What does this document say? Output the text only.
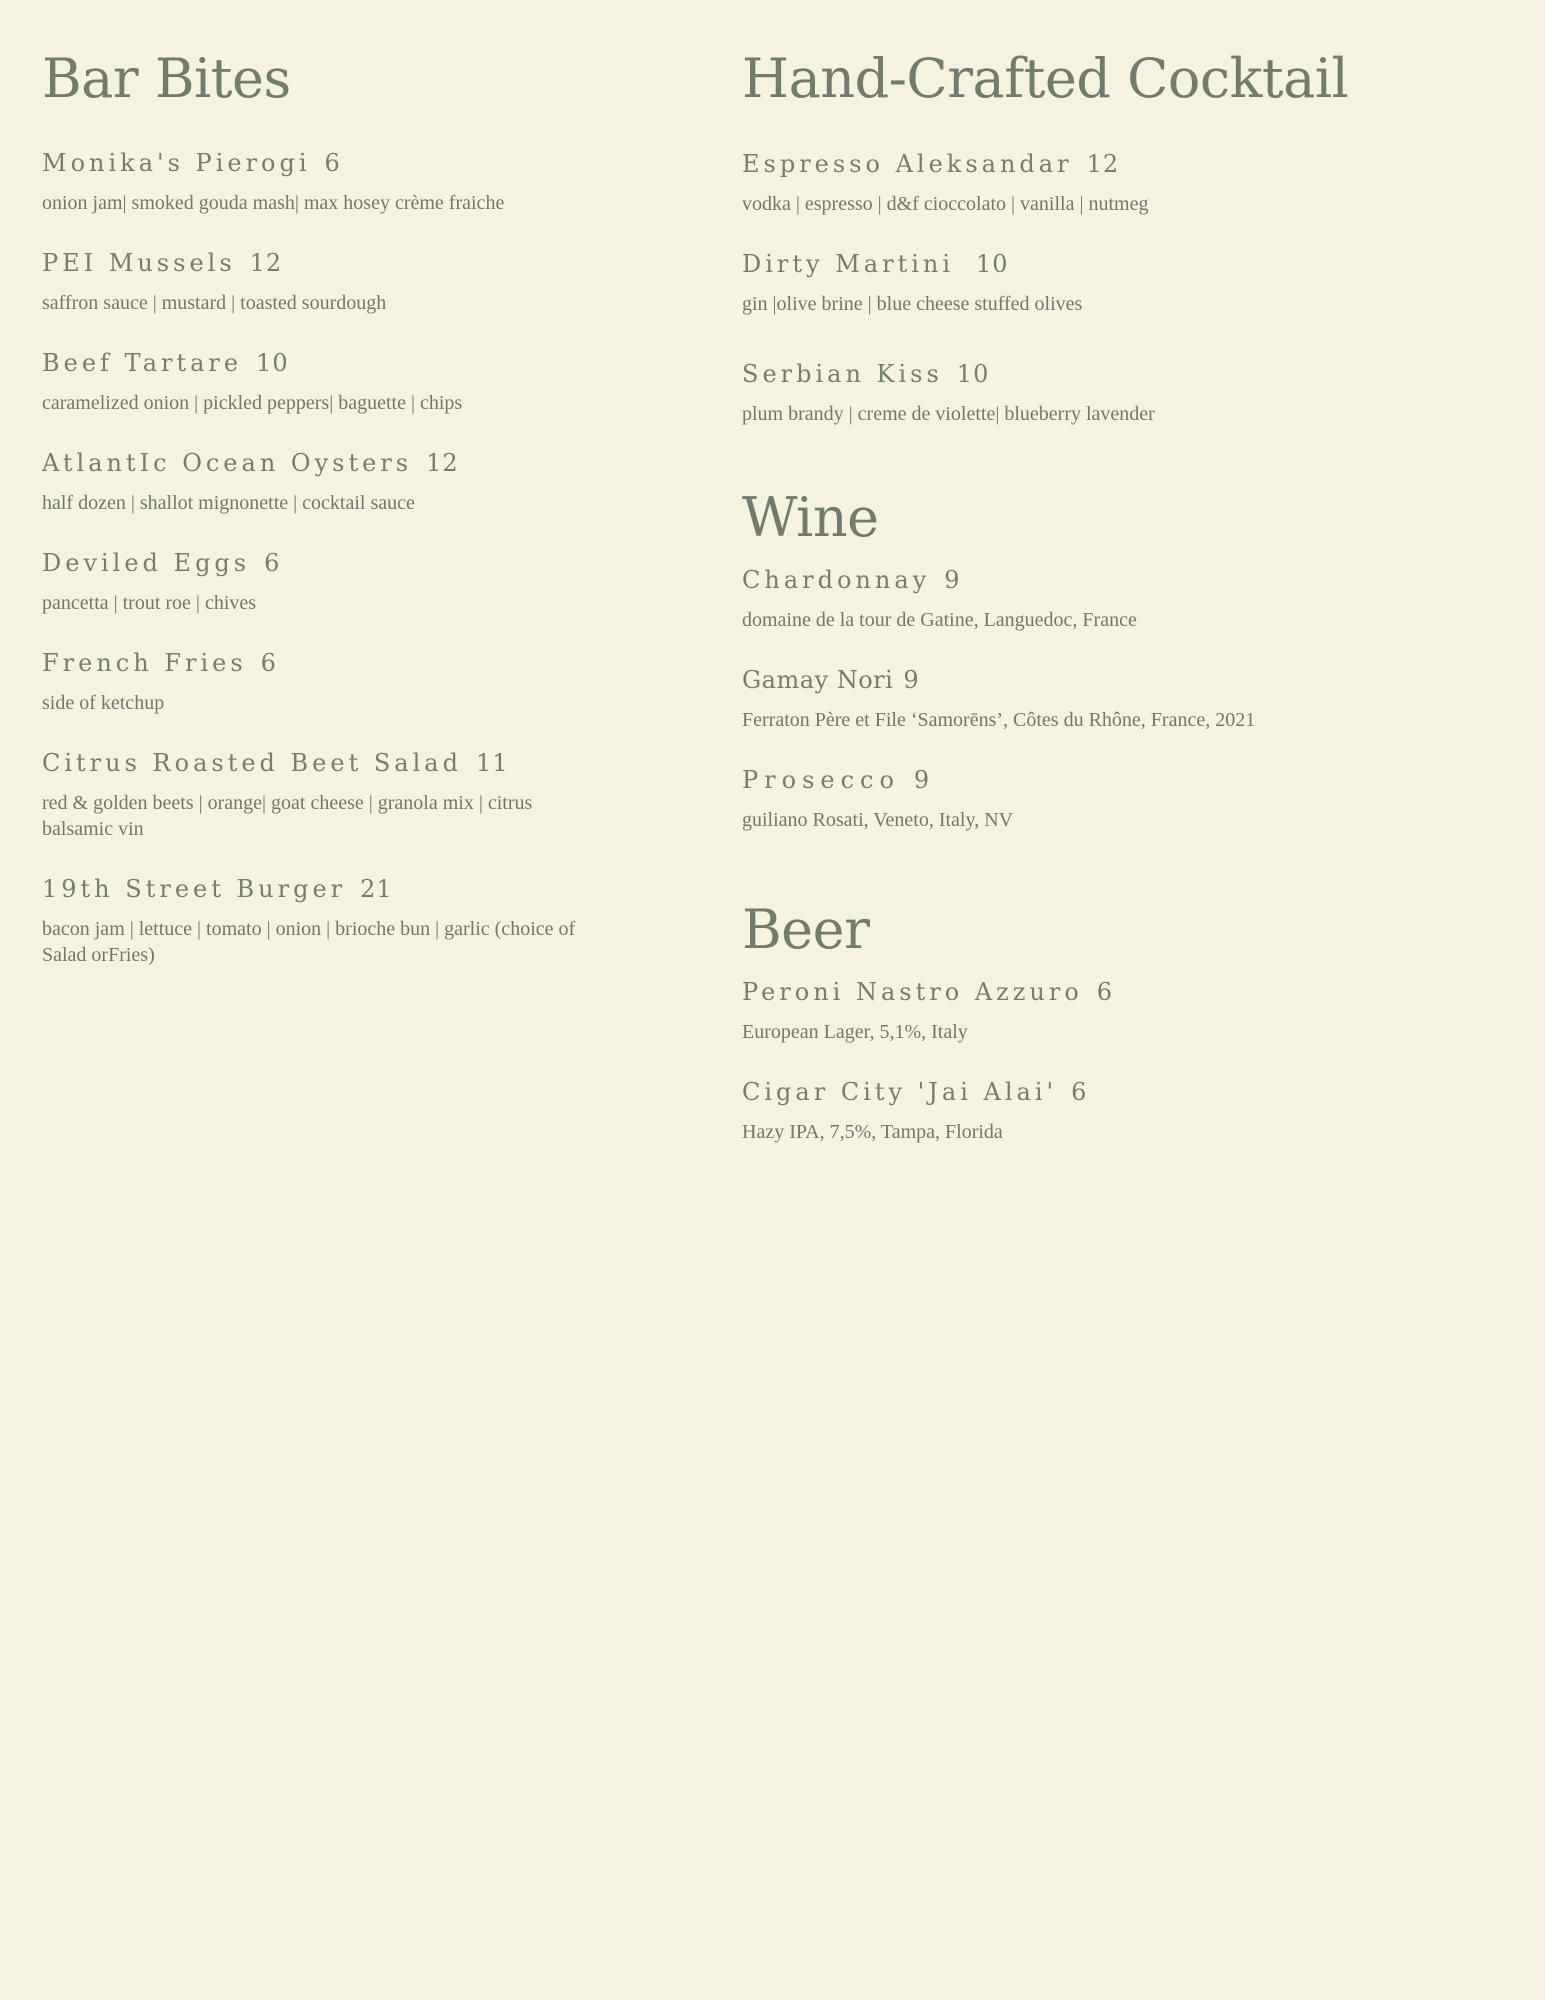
Bar Bites
Monika's Pierogi 6
onion jam| smoked gouda mash| max hosey crème fraiche
PEI Mussels 12
saffron sauce | mustard | toasted sourdough
Beef Tartare 10
caramelized onion | pickled peppers| baguette | chips
AtlantIc Ocean Oysters 12
half dozen | shallot mignonette | cocktail sauce
Deviled Eggs 6
pancetta | trout roe | chives
French Fries 6
side of ketchup
Citrus Roasted Beet Salad 11
red & golden beets | orange| goat cheese | granola mix | citrus balsamic vin
19th Street Burger 21
bacon jam | lettuce | tomato | onion | brioche bun | garlic (choice of Salad orFries)
Hand-Crafted Cocktail
Espresso Aleksandar 12
vodka | espresso | d&f cioccolato | vanilla | nutmeg
Dirty Martini 10
gin |olive brine | blue cheese stuffed olives
Serbian Kiss 10
plum brandy | creme de violette| blueberry lavender
Wine
Chardonnay 9
domaine de la tour de Gatine, Languedoc, France
Gamay Nori 9
Ferraton Père et File ‘Samorēns’, Côtes du Rhône, France, 2021
Prosecco 9
guiliano Rosati, Veneto, Italy, NV
Beer
Peroni Nastro Azzuro 6
European Lager, 5,1%, Italy
Cigar City 'Jai Alai' 6
Hazy IPA, 7,5%, Tampa, Florida
